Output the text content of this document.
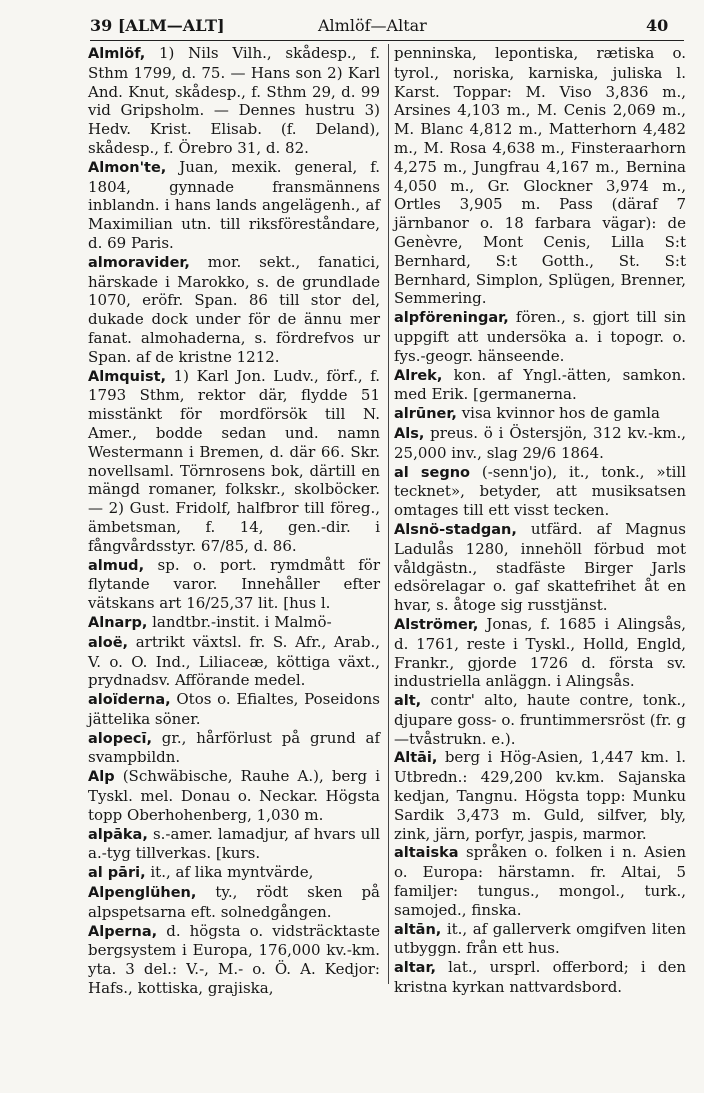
39 [ALM—ALT]	Almlöf—Altar	40

Almlöf, 1) Nils Vilh., skådesp., f. Sthm 1799, d. 75. — Hans son 2) Karl And. Knut, skådesp., f. Sthm 29, d. 99 vid Gripsholm. — Dennes hustru 3) Hedv. Krist. Elisab. (f. Deland), skådesp., f. Örebro 31, d. 82.

Almon'te, Juan, mexik. general, f. 1804, gynnade fransmännens inblandn. i hans lands angelägenh., af Maximilian utn. till riksföreståndare, d. 69 Paris.

almoravider, mor. sekt., fanatici, härskade i Marokko, s. de grundlade 1070, eröfr. Span. 86 till stor del, dukade dock under för de ännu mer fanat. almohaderna, s. fördrefvos ur Span. af de kristne 1212.

Almquist, 1) Karl Jon. Ludv., förf., f. 1793 Sthm, rektor där, flydde 51 misstänkt för mordförsök till N. Amer., bodde sedan und. namn Westermann i Bremen, d. där 66. Skr. novellsaml. Törnrosens bok, därtill en mängd romaner, folkskr., skolböcker. — 2) Gust. Fridolf, halfbror till föreg., ämbetsman, f. 14, gen.-dir. i fångvårdsstyr. 67/85, d. 86.

almud, sp. o. port. rymdmått för flytande varor. Innehåller efter vätskans art 16/25,37 lit. [hus l.

Alnarp, landtbr.-instit. i Malmö-

aloë, artrikt växtsl. fr. S. Afr., Arab., V. o. O. Ind., Liliaceæ, köttiga växt., prydnadsv. Afförande medel.

aloïderna, Otos o. Efialtes, Poseidons jättelika söner.

alopecī, gr., hårförlust på grund af svampbildn.

Alp (Schwäbische, Rauhe A.), berg i Tyskl. mel. Donau o. Neckar. Högsta topp Oberhohenberg, 1,030 m.

alpāka, s.-amer. lamadjur, af hvars ull a.-tyg tillverkas. [kurs.

al pāri, it., af lika myntvärde,

Alpenglühen, ty., rödt sken på alpspetsarna eft. solnedgången.

Alperna, d. högsta o. vidsträcktaste bergsystem i Europa, 176,000 kv.-km. yta. 3 del.: V.-, M.- o. Ö. A. Kedjor: Hafs., kottiska, grajiska,

penninska, lepontiska, rætiska o. tyrol., noriska, karniska, juliska l. Karst. Toppar: M. Viso 3,836 m., Arsines 4,103 m., M. Cenis 2,069 m., M. Blanc 4,812 m., Matterhorn 4,482 m., M. Rosa 4,638 m., Finsteraarhorn 4,275 m., Jungfrau 4,167 m., Bernina 4,050 m., Gr. Glockner 3,974 m., Ortles 3,905 m. Pass (däraf 7 järnbanor o. 18 farbara vägar): de Genèvre, Mont Cenis, Lilla S:t Bernhard, S:t Gotth., St. S:t Bernhard, Simplon, Splügen, Brenner, Semmering.

alpföreningar, fören., s. gjort till sin uppgift att undersöka a. i topogr. o. fys.-geogr. hänseende.

Alrek, kon. af Yngl.-ätten, samkon. med Erik. [germanerna.

alrūner, visa kvinnor hos de gamla

Als, preus. ö i Östersjön, 312 kv.-km., 25,000 inv., slag 29/6 1864.

al segno (-senn'jo), it., tonk., »till tecknet», betyder, att musiksatsen omtages till ett visst tecken.

Alsnö-stadgan, utfärd. af Magnus Ladulås 1280, innehöll förbud mot våldgästn., stadfäste Birger Jarls edsörelagar o. gaf skattefrihet åt en hvar, s. åtoge sig russtjänst.

Alströmer, Jonas, f. 1685 i Alingsås, d. 1761, reste i Tyskl., Holld, Engld, Frankr., gjorde 1726 d. första sv. industriella anläggn. i Alingsås.

alt, contr' alto, haute contre, tonk., djupare goss- o. fruntimmersröst (fr. g—tvåstrukn. e.).

Altāi, berg i Hög-Asien, 1,447 km. l. Utbredn.: 429,200 kv.km. Sajanska kedjan, Tangnu. Högsta topp: Munku Sardik 3,473 m. Guld, silfver, bly, zink, järn, porfyr, jaspis, marmor.

altaiska språken o. folken i n. Asien o. Europa: härstamn. fr. Altai, 5 familjer: tungus., mongol., turk., samojed., finska.

altān, it., af gallerverk omgifven liten utbyggn. från ett hus.

altar, lat., ursprl. offerbord; i den kristna kyrkan nattvardsbord.
